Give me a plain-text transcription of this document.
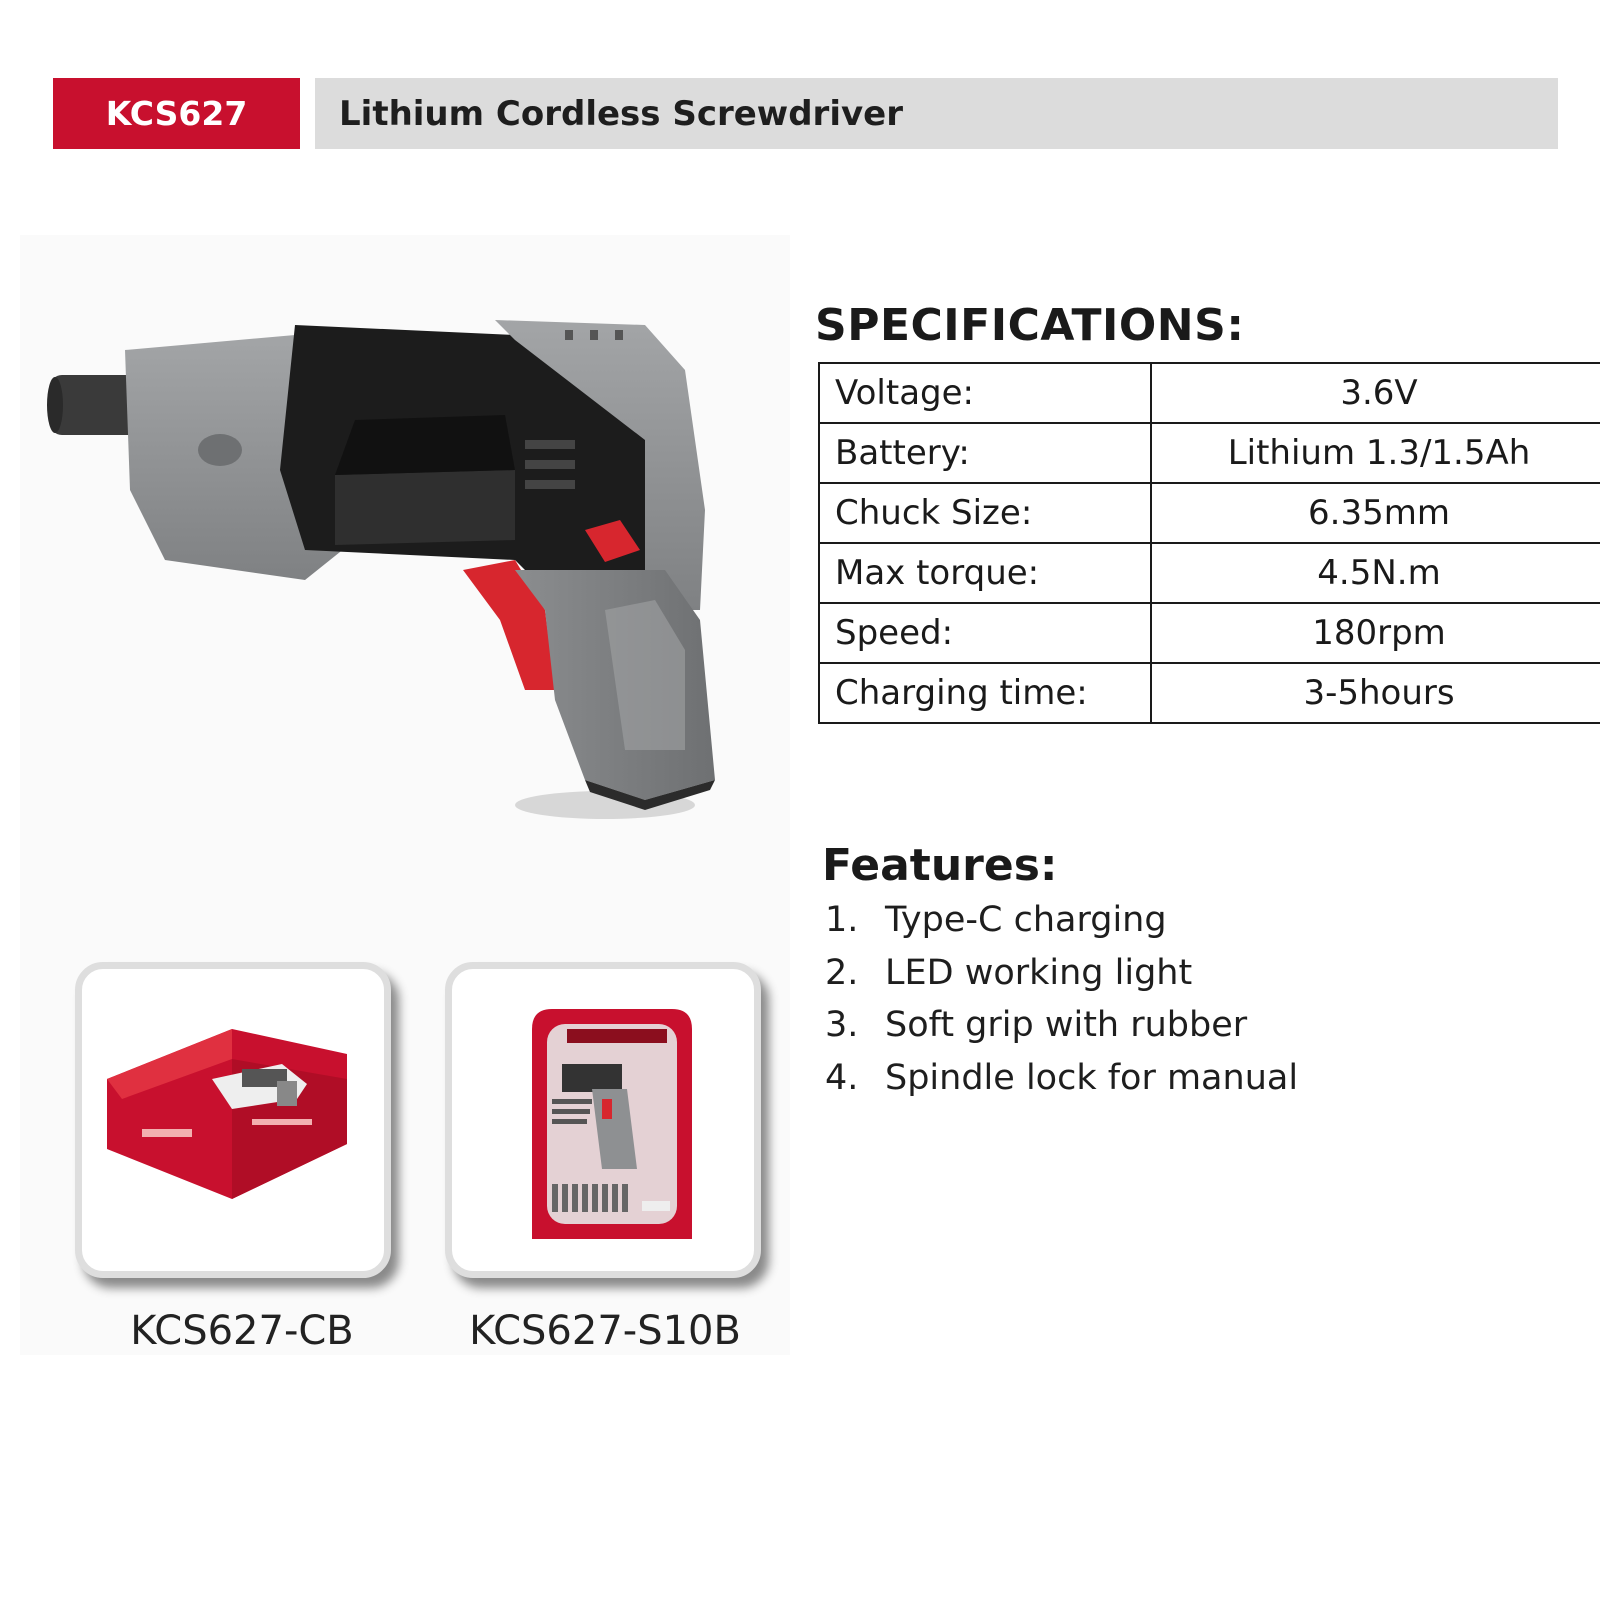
KCS627	Lithium Cordless Screwdriver
KCS627-CB	KCS627-S10B
SPECIFICATIONS:
Voltage:	3.6V
Battery:	Lithium 1.3/1.5Ah
Chuck Size:	6.35mm
Max torque:	4.5N.m
Speed:	180rpm
Charging time:	3-5hours
Features:
1. Type-C charging
2. LED working light
3. Soft grip with rubber
4. Spindle lock for manual
